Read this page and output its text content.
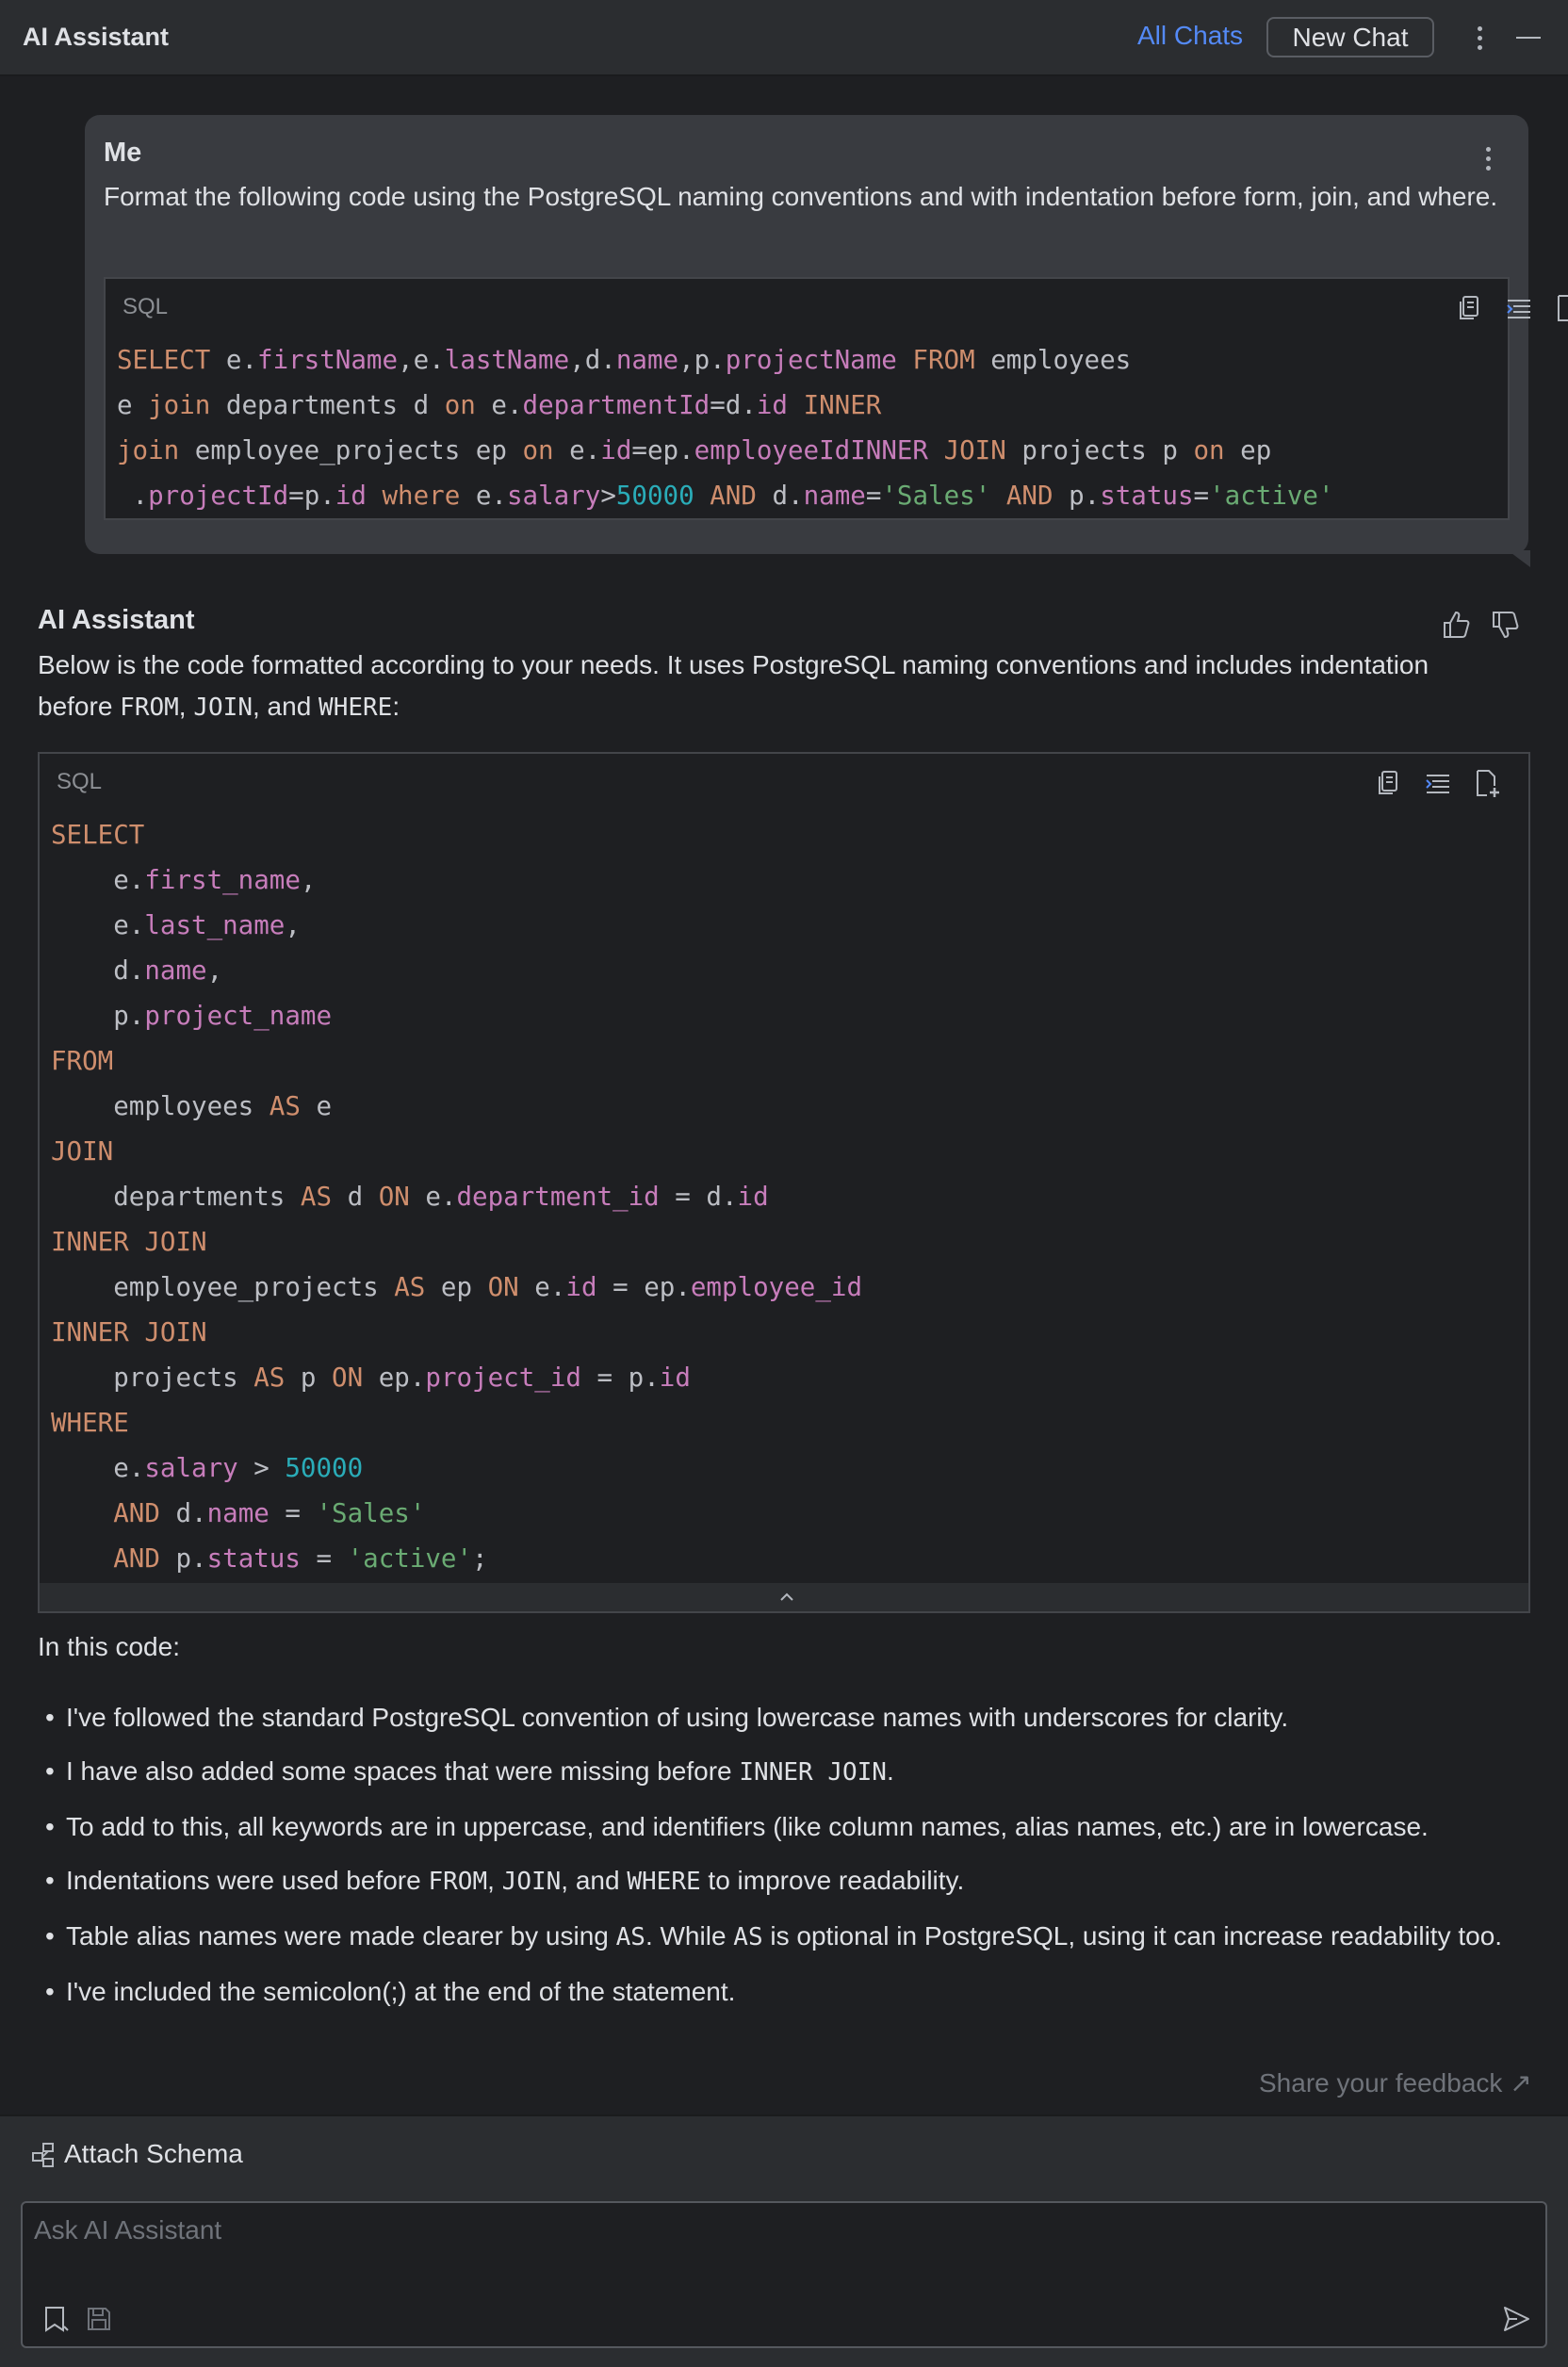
AI Assistant	All Chats	New Chat
Me
Format the following code using the PostgreSQL naming conventions and with indentation before form, join, and where.
SQL
SELECT e.firstName,e.lastName,d.name,p.projectName FROM employees
e join departments d on e.departmentId=d.id INNER
join employee_projects ep on e.id=ep.employeeIdINNER JOIN projects p on ep
.projectId=p.id where e.salary>50000 AND d.name='Sales' AND p.status='active'
AI Assistant
Below is the code formatted according to your needs. It uses PostgreSQL naming conventions and includes indentation before FROM, JOIN, and WHERE:
SQL
SELECT
e.first_name,
e.last_name,
d.name,
p.project_name
FROM
employees AS e
JOIN
departments AS d ON e.department_id = d.id
INNER JOIN
employee_projects AS ep ON e.id = ep.employee_id
INNER JOIN
projects AS p ON ep.project_id = p.id
WHERE
e.salary > 50000
AND d.name = 'Sales'
AND p.status = 'active';
In this code:
• I've followed the standard PostgreSQL convention of using lowercase names with underscores for clarity.
• I have also added some spaces that were missing before INNER JOIN.
• To add to this, all keywords are in uppercase, and identifiers (like column names, alias names, etc.) are in lowercase.
• Indentations were used before FROM, JOIN, and WHERE to improve readability.
• Table alias names were made clearer by using AS. While AS is optional in PostgreSQL, using it can increase readability too.
• I've included the semicolon(;) at the end of the statement.
Share your feedback ↗
Attach Schema
Ask AI Assistant
